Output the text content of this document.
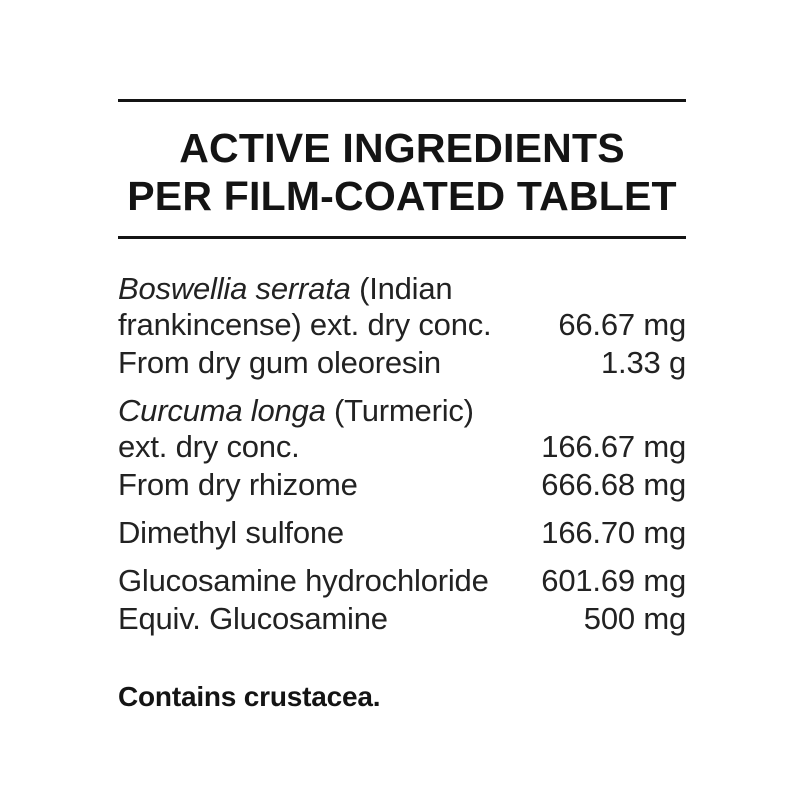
ACTIVE INGREDIENTS
PER FILM-COATED TABLET
Boswellia serrata (Indian
frankincense) ext. dry conc. 66.67 mg
From dry gum oleoresin	1.33 g
Curcuma longa (Turmeric)
ext. dry conc.	166.67 mg
From dry rhizome	666.68 mg
Dimethyl sulfone	166.70 mg
Glucosamine hydrochloride 601.69 mg
Equiv. Glucosamine	500 mg

Contains crustacea.
